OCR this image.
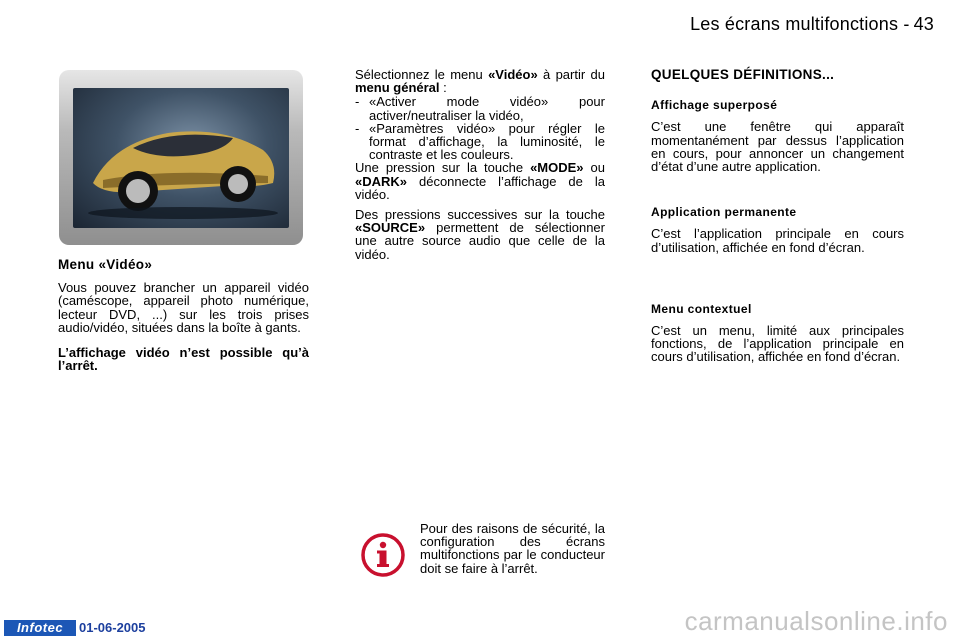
Les écrans multifonctions - 43
Menu «Vidéo»

Vous pouvez brancher un appareil vidéo (caméscope, appareil photo numérique, lecteur DVD, ...) sur les trois prises audio/vidéo, situées dans la boîte à gants.

L’affichage vidéo n’est possible qu’à l’arrêt.

Sélectionnez le menu «Vidéo» à partir du menu général :

- «Activer mode vidéo» pour activer/neutraliser la vidéo,
- «Paramètres vidéo» pour régler le format d’affichage, la luminosité, le contraste et les couleurs.

Une pression sur la touche «MODE» ou «DARK» déconnecte l’affichage de la vidéo.

Des pressions successives sur la touche «SOURCE» permettent de sélectionner une autre source audio que celle de la vidéo.

QUELQUES DÉFINITIONS...
Affichage superposé

C’est une fenêtre qui apparaît momentanément par dessus l’application en cours, pour annoncer un changement d’état d’une autre application.

Application permanente

C’est l’application principale en cours d’utilisation, affichée en fond d’écran.

Menu contextuel

C’est un menu, limité aux principales fonctions, de l’application principale en cours d’utilisation, affichée en fond d’écran.

Pour des raisons de sécurité, la configuration des écrans multifonctions par le conducteur doit se faire à l’arrêt.
Infotec	01-06-2005	carmanualsonline.info
